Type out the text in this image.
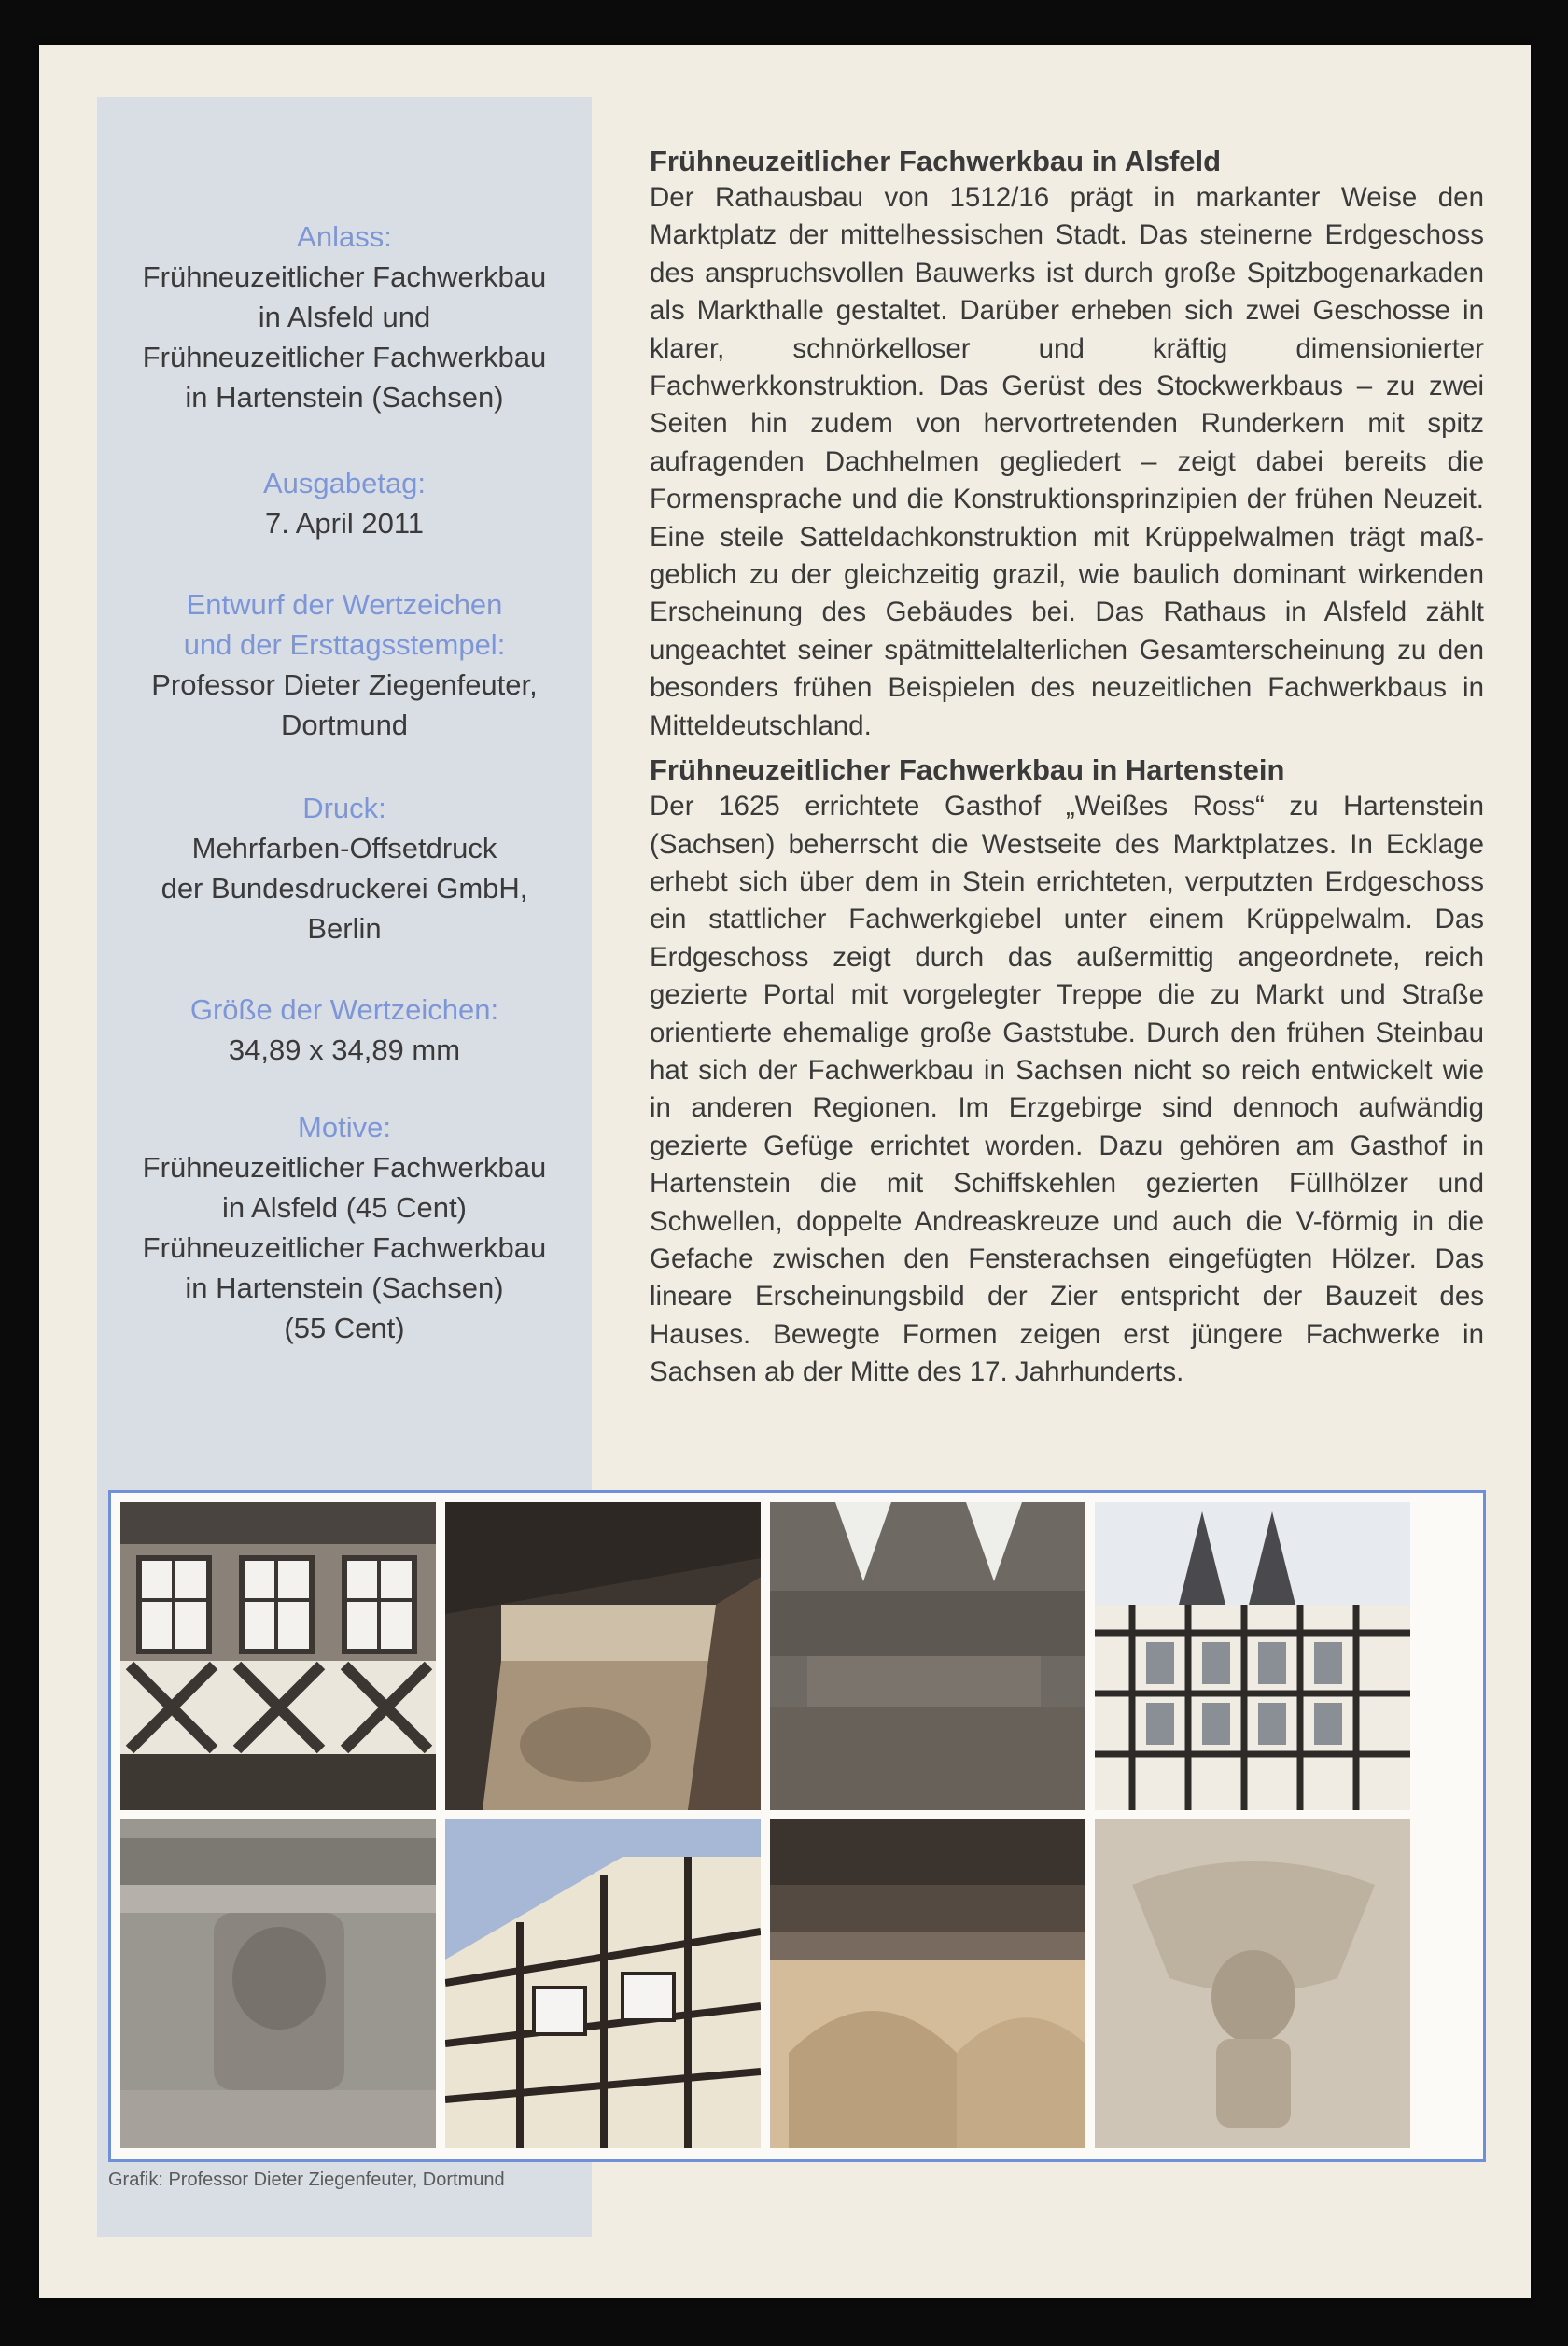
Anlass:
Frühneuzeitlicher Fachwerkbau
in Alsfeld und
Frühneuzeitlicher Fachwerkbau
in Hartenstein (Sachsen)
Ausgabetag:
7. April 2011
Entwurf der Wertzeichen
und der Ersttagsstempel:
Professor Dieter Ziegenfeuter,
Dortmund
Druck:
Mehrfarben-Offsetdruck
der Bundesdruckerei GmbH,
Berlin
Größe der Wertzeichen:
34,89 x 34,89 mm
Motive:
Frühneuzeitlicher Fachwerkbau
in Alsfeld (45 Cent)
Frühneuzeitlicher Fachwerkbau
in Hartenstein (Sachsen)
(55 Cent)
Frühneuzeitlicher Fachwerkbau in Alsfeld

Der Rathausbau von 1512/16 prägt in markanter Weise den Marktplatz der mittelhessischen Stadt. Das steinerne Erdgeschoss des anspruchsvollen Bauwerks ist durch große Spitzbogenarkaden als Markthalle gestaltet. Darüber erheben sich zwei Geschosse in klarer, schnörkelloser und kräftig dimensionierter Fachwerkkonstruktion. Das Gerüst des Stockwerkbaus – zu zwei Seiten hin zudem von hervortretenden Runderkern mit spitz aufragenden Dachhelmen gegliedert – zeigt dabei bereits die Formensprache und die Konstruktionsprinzipien der frühen Neuzeit. Eine steile Satteldachkonstruktion mit Krüppelwalmen trägt maßgeblich zu der gleichzeitig grazil, wie baulich dominant wirkenden Erscheinung des Gebäudes bei. Das Rathaus in Alsfeld zählt ungeachtet seiner spätmittelalterlichen Gesamterscheinung zu den besonders frühen Beispielen des neuzeitlichen Fachwerkbaus in Mitteldeutschland.

Frühneuzeitlicher Fachwerkbau in Hartenstein

Der 1625 errichtete Gasthof „Weißes Ross“ zu Hartenstein (Sachsen) beherrscht die Westseite des Marktplatzes. In Ecklage erhebt sich über dem in Stein errichteten, verputzten Erdgeschoss ein stattlicher Fachwerkgiebel unter einem Krüppelwalm. Das Erdgeschoss zeigt durch das außermittig angeordnete, reich gezierte Portal mit vorgelegter Treppe die zu Markt und Straße orientierte ehemalige große Gaststube. Durch den frühen Steinbau hat sich der Fachwerkbau in Sachsen nicht so reich entwickelt wie in anderen Regionen. Im Erzgebirge sind dennoch aufwändig gezierte Gefüge errichtet worden. Dazu gehören am Gasthof in Hartenstein die mit Schiffskehlen gezierten Füllhölzer und Schwellen, doppelte Andreaskreuze und auch die V-förmig in die Gefache zwischen den Fensterachsen eingefügten Hölzer. Das lineare Erscheinungsbild der Zier entspricht der Bauzeit des Hauses. Bewegte Formen zeigen erst jüngere Fachwerke in Sachsen ab der Mitte des 17. Jahrhunderts.

Grafik: Professor Dieter Ziegenfeuter, Dortmund
